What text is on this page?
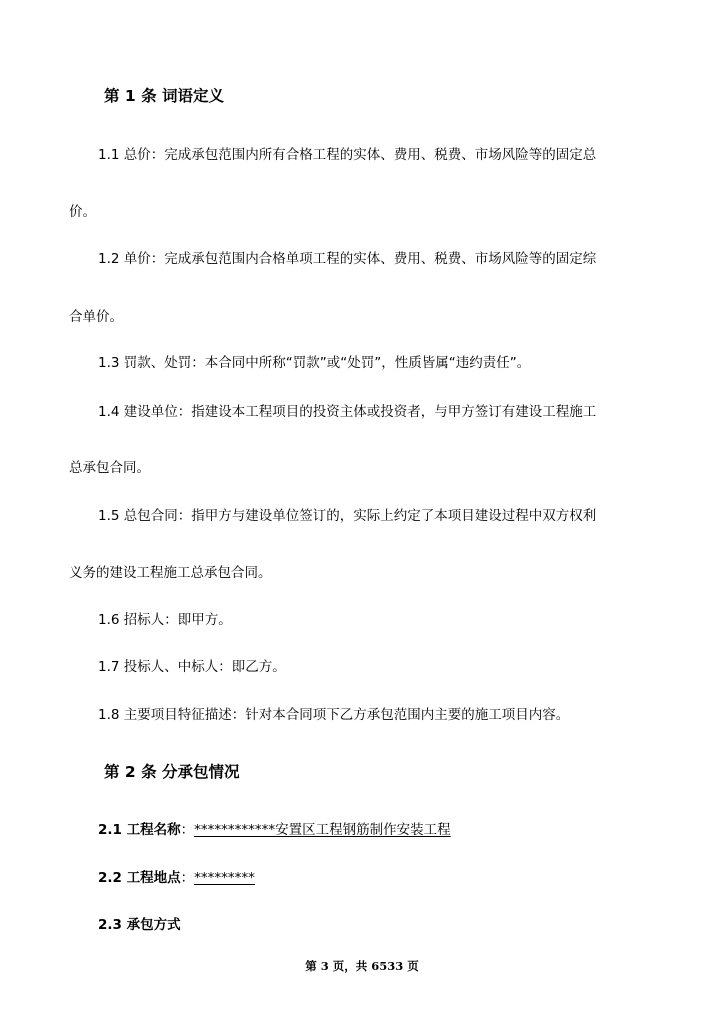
第 1 条 词语定义
1.1 总价：完成承包范围内所有合格工程的实体、费用、税费、市场风险等的固定总
价。
1.2 单价：完成承包范围内合格单项工程的实体、费用、税费、市场风险等的固定综
合单价。
1.3 罚款、处罚：本合同中所称“罚款”或“处罚”，性质皆属“违约责任”。
1.4 建设单位：指建设本工程项目的投资主体或投资者，与甲方签订有建设工程施工
总承包合同。
1.5 总包合同：指甲方与建设单位签订的，实际上约定了本项目建设过程中双方权利
义务的建设工程施工总承包合同。
1.6 招标人：即甲方。
1.7 投标人、中标人：即乙方。
1.8 主要项目特征描述：针对本合同项下乙方承包范围内主要的施工项目内容。
第 2 条 分承包情况
2.1 工程名称：************安置区工程钢筋制作安装工程
2.2 工程地点：*********
2.3 承包方式
第 3 页，共 6533 页
